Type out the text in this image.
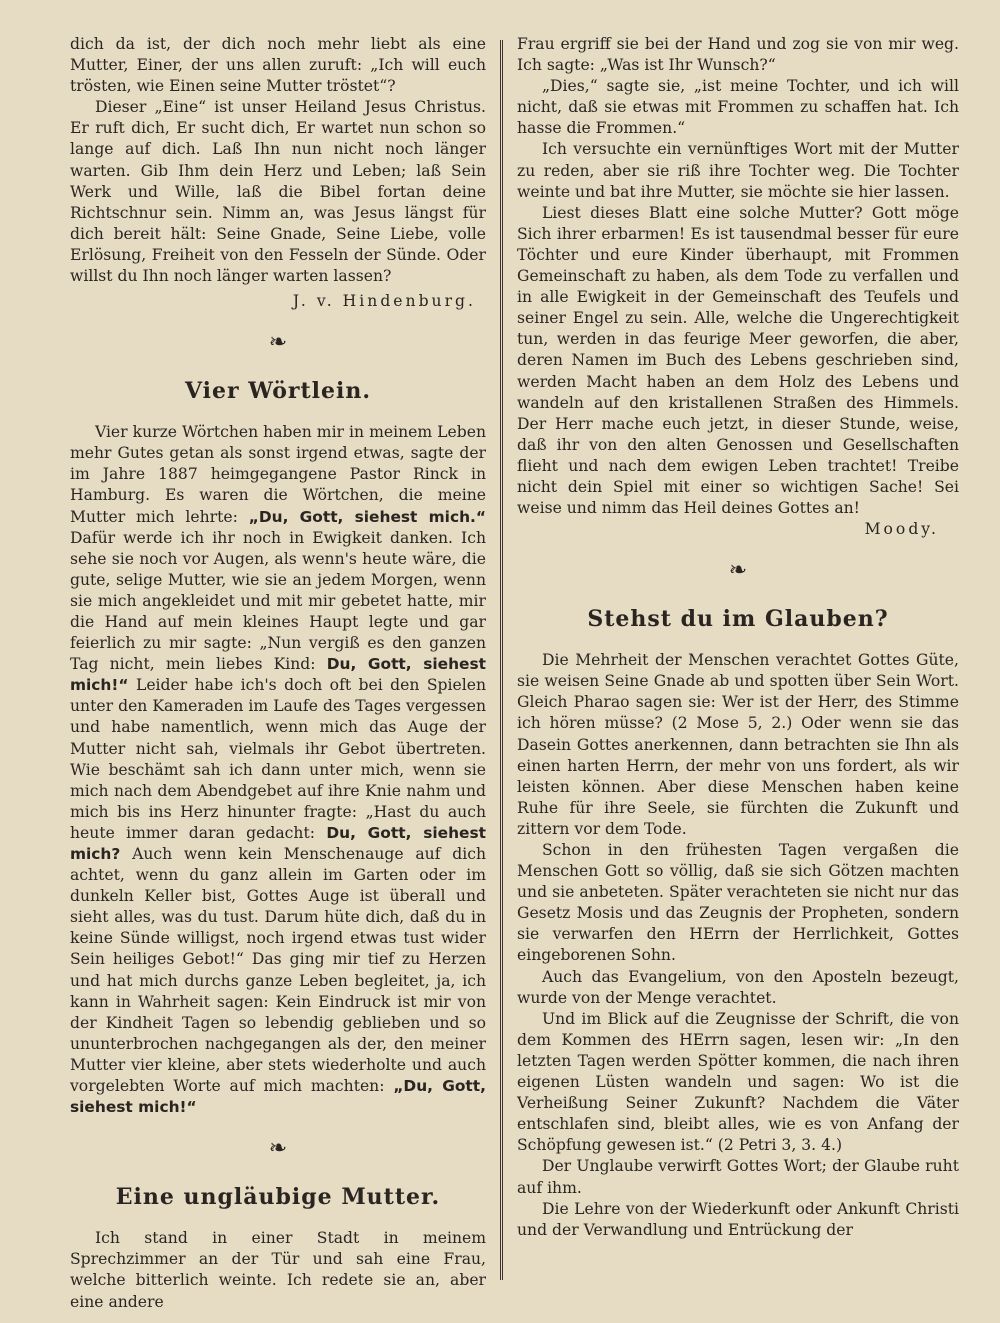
dich da ist, der dich noch mehr liebt als eine Mutter, Einer, der uns allen zuruft: „Ich will euch trösten, wie Einen seine Mutter tröstet“?

Dieser „Eine“ ist unser Heiland Jesus Christus. Er ruft dich, Er sucht dich, Er wartet nun schon so lange auf dich. Laß Ihn nun nicht noch länger warten. Gib Ihm dein Herz und Leben; laß Sein Werk und Wille, laß die Bibel fortan deine Richtschnur sein. Nimm an, was Jesus längst für dich bereit hält: Seine Gnade, Seine Liebe, volle Erlösung, Freiheit von den Fesseln der Sünde. Oder willst du Ihn noch länger warten lassen?

J. v. Hindenburg.
❧
Vier Wörtlein.

Vier kurze Wörtchen haben mir in meinem Leben mehr Gutes getan als sonst irgend etwas, sagte der im Jahre 1887 heimgegangene Pastor Rinck in Hamburg. Es waren die Wörtchen, die meine Mutter mich lehrte: „Du, Gott, siehest mich.“ Dafür werde ich ihr noch in Ewigkeit danken. Ich sehe sie noch vor Augen, als wenn's heute wäre, die gute, selige Mutter, wie sie an jedem Morgen, wenn sie mich angekleidet und mit mir gebetet hatte, mir die Hand auf mein kleines Haupt legte und gar feierlich zu mir sagte: „Nun vergiß es den ganzen Tag nicht, mein liebes Kind: Du, Gott, siehest mich!“ Leider habe ich's doch oft bei den Spielen unter den Kameraden im Laufe des Tages vergessen und habe namentlich, wenn mich das Auge der Mutter nicht sah, vielmals ihr Gebot übertreten. Wie beschämt sah ich dann unter mich, wenn sie mich nach dem Abendgebet auf ihre Knie nahm und mich bis ins Herz hinunter fragte: „Hast du auch heute immer daran gedacht: Du, Gott, siehest mich? Auch wenn kein Menschenauge auf dich achtet, wenn du ganz allein im Garten oder im dunkeln Keller bist, Gottes Auge ist überall und sieht alles, was du tust. Darum hüte dich, daß du in keine Sünde willigst, noch irgend etwas tust wider Sein heiliges Gebot!“ Das ging mir tief zu Herzen und hat mich durchs ganze Leben begleitet, ja, ich kann in Wahrheit sagen: Kein Eindruck ist mir von der Kindheit Tagen so lebendig geblieben und so ununterbrochen nachgegangen als der, den meiner Mutter vier kleine, aber stets wiederholte und auch vorgelebten Worte auf mich machten: „Du, Gott, siehest mich!“

❧
Eine ungläubige Mutter.

Ich stand in einer Stadt in meinem Sprechzimmer an der Tür und sah eine Frau, welche bitterlich weinte. Ich redete sie an, aber eine andere

Frau ergriff sie bei der Hand und zog sie von mir weg. Ich sagte: „Was ist Ihr Wunsch?“

„Dies,“ sagte sie, „ist meine Tochter, und ich will nicht, daß sie etwas mit Frommen zu schaffen hat. Ich hasse die Frommen.“

Ich versuchte ein vernünftiges Wort mit der Mutter zu reden, aber sie riß ihre Tochter weg. Die Tochter weinte und bat ihre Mutter, sie möchte sie hier lassen.

Liest dieses Blatt eine solche Mutter? Gott möge Sich ihrer erbarmen! Es ist tausendmal besser für eure Töchter und eure Kinder überhaupt, mit Frommen Gemeinschaft zu haben, als dem Tode zu verfallen und in alle Ewigkeit in der Gemeinschaft des Teufels und seiner Engel zu sein. Alle, welche die Ungerechtigkeit tun, werden in das feurige Meer geworfen, die aber, deren Namen im Buch des Lebens geschrieben sind, werden Macht haben an dem Holz des Lebens und wandeln auf den kristallenen Straßen des Himmels. Der Herr mache euch jetzt, in dieser Stunde, weise, daß ihr von den alten Genossen und Gesellschaften flieht und nach dem ewigen Leben trachtet! Treibe nicht dein Spiel mit einer so wichtigen Sache! Sei weise und nimm das Heil deines Gottes an!

Moody.
❧
Stehst du im Glauben?

Die Mehrheit der Menschen verachtet Gottes Güte, sie weisen Seine Gnade ab und spotten über Sein Wort. Gleich Pharao sagen sie: Wer ist der Herr, des Stimme ich hören müsse? (2 Mose 5, 2.) Oder wenn sie das Dasein Gottes anerkennen, dann betrachten sie Ihn als einen harten Herrn, der mehr von uns fordert, als wir leisten können. Aber diese Menschen haben keine Ruhe für ihre Seele, sie fürchten die Zukunft und zittern vor dem Tode.

Schon in den frühesten Tagen vergaßen die Menschen Gott so völlig, daß sie sich Götzen machten und sie anbeteten. Später verachteten sie nicht nur das Gesetz Mosis und das Zeugnis der Propheten, sondern sie verwarfen den HErrn der Herrlichkeit, Gottes eingeborenen Sohn.

Auch das Evangelium, von den Aposteln bezeugt, wurde von der Menge verachtet.

Und im Blick auf die Zeugnisse der Schrift, die von dem Kommen des HErrn sagen, lesen wir: „In den letzten Tagen werden Spötter kommen, die nach ihren eigenen Lüsten wandeln und sagen: Wo ist die Verheißung Seiner Zukunft? Nachdem die Väter entschlafen sind, bleibt alles, wie es von Anfang der Schöpfung gewesen ist.“ (2 Petri 3, 3. 4.)

Der Unglaube verwirft Gottes Wort; der Glaube ruht auf ihm.

Die Lehre von der Wiederkunft oder Ankunft Christi und der Verwandlung und Entrückung der
